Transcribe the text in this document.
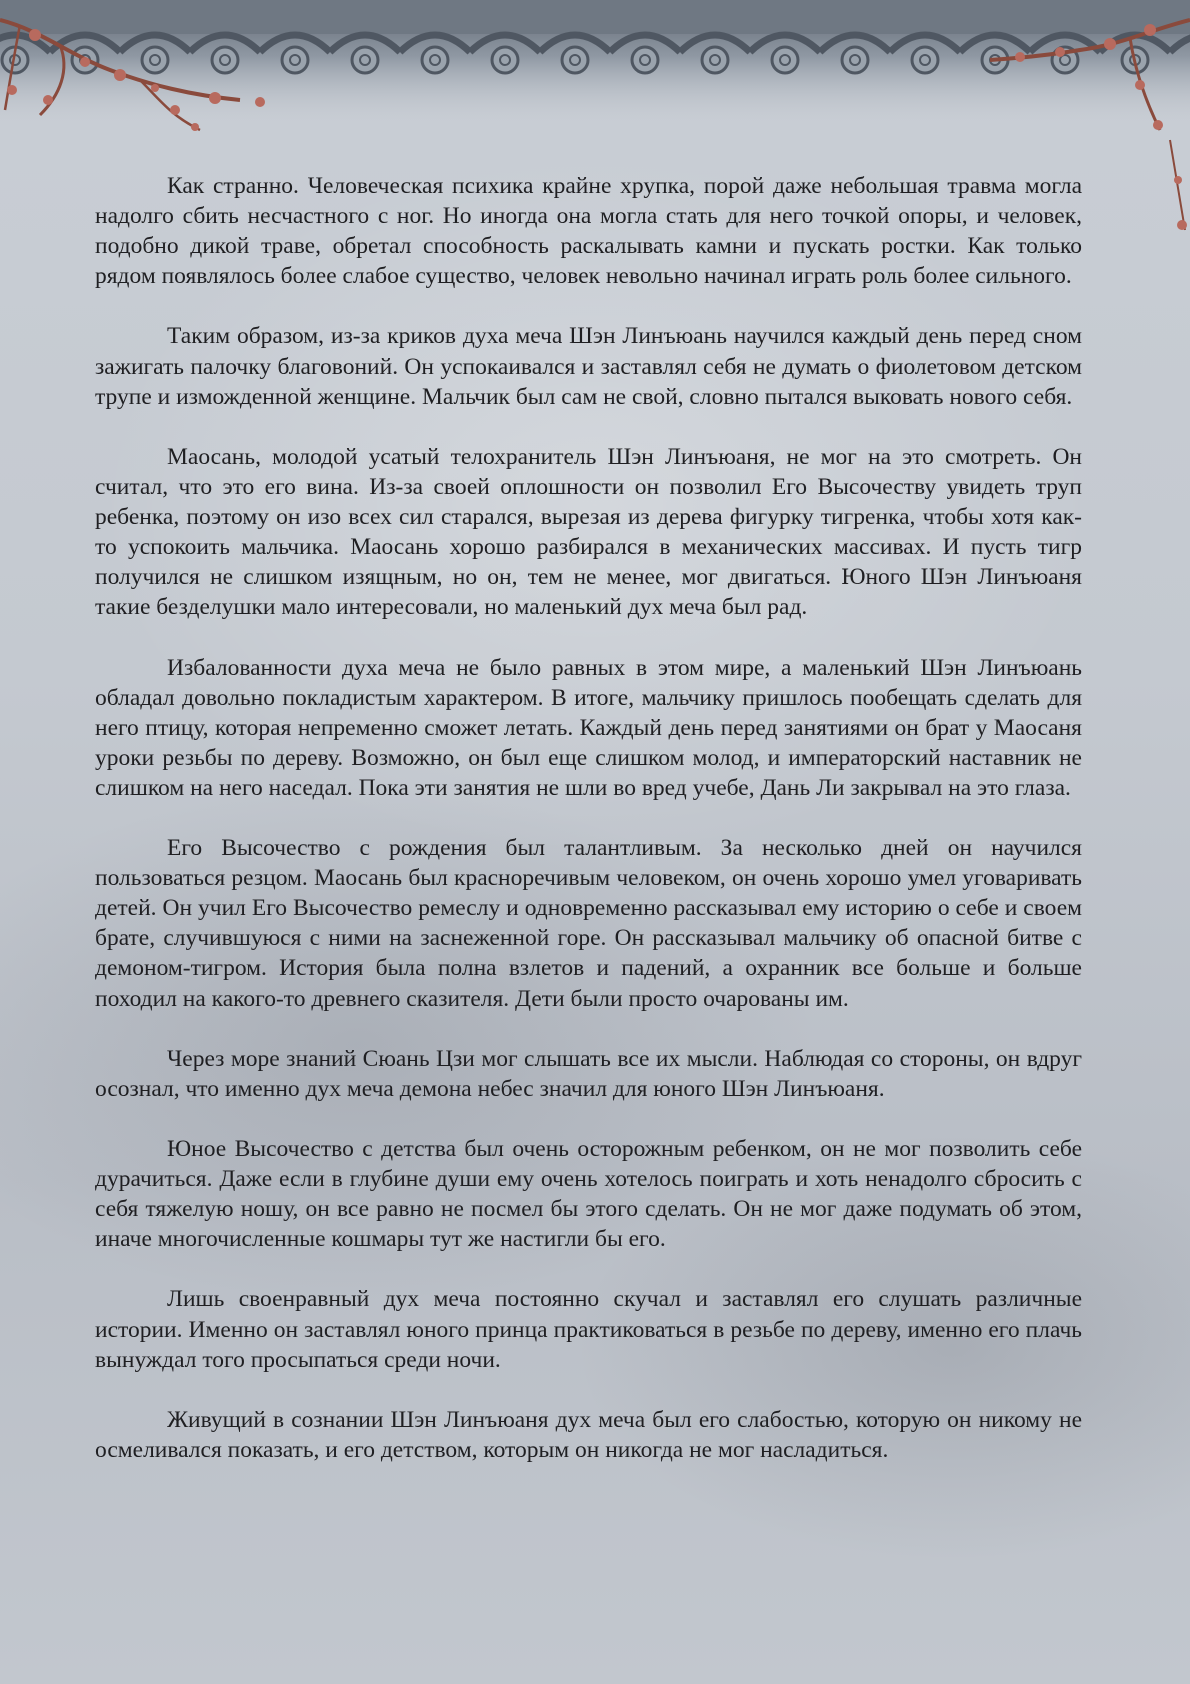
Как странно. Человеческая психика крайне хрупка, порой даже небольшая травма могла надолго сбить несчастного с ног. Но иногда она могла стать для него точкой опоры, и человек, подобно дикой траве, обретал способность раскалывать камни и пускать ростки. Как только рядом появлялось более слабое существо, человек невольно начинал играть роль более сильного.

Таким образом, из-за криков духа меча Шэн Линъюань научился каждый день перед сном зажигать палочку благовоний. Он успокаивался и заставлял себя не думать о фиолетовом детском трупе и изможденной женщине. Мальчик был сам не свой, словно пытался выковать нового себя.

Маосань, молодой усатый телохранитель Шэн Линъюаня, не мог на это смотреть. Он считал, что это его вина. Из-за своей оплошности он позволил Его Высочеству увидеть труп ребенка, поэтому он изо всех сил старался, вырезая из дерева фигурку тигренка, чтобы хотя как-то успокоить мальчика. Маосань хорошо разбирался в механических массивах. И пусть тигр получился не слишком изящным, но он, тем не менее, мог двигаться. Юного Шэн Линъюаня такие безделушки мало интересовали, но маленький дух меча был рад.

Избалованности духа меча не было равных в этом мире, а маленький Шэн Линъюань обладал довольно покладистым характером. В итоге, мальчику пришлось пообещать сделать для него птицу, которая непременно сможет летать. Каждый день перед занятиями он брат у Маосаня уроки резьбы по дереву. Возможно, он был еще слишком молод, и императорский наставник не слишком на него наседал. Пока эти занятия не шли во вред учебе, Дань Ли закрывал на это глаза.

Его Высочество с рождения был талантливым. За несколько дней он научился пользоваться резцом. Маосань был красноречивым человеком, он очень хорошо умел уговаривать детей. Он учил Его Высочество ремеслу и одновременно рассказывал ему историю о себе и своем брате, случившуюся с ними на заснеженной горе. Он рассказывал мальчику об опасной битве с демоном-тигром. История была полна взлетов и падений, а охранник все больше и больше походил на какого-то древнего сказителя. Дети были просто очарованы им.

Через море знаний Сюань Цзи мог слышать все их мысли. Наблюдая со стороны, он вдруг осознал, что именно дух меча демона небес значил для юного Шэн Линъюаня.

Юное Высочество с детства был очень осторожным ребенком, он не мог позволить себе дурачиться. Даже если в глубине души ему очень хотелось поиграть и хоть ненадолго сбросить с себя тяжелую ношу, он все равно не посмел бы этого сделать. Он не мог даже подумать об этом, иначе многочисленные кошмары тут же настигли бы его.

Лишь своенравный дух меча постоянно скучал и заставлял его слушать различные истории. Именно он заставлял юного принца практиковаться в резьбе по дереву, именно его плачь вынуждал того просыпаться среди ночи.

Живущий в сознании Шэн Линъюаня дух меча был его слабостью, которую он никому не осмеливался показать, и его детством, которым он никогда не мог насладиться.
